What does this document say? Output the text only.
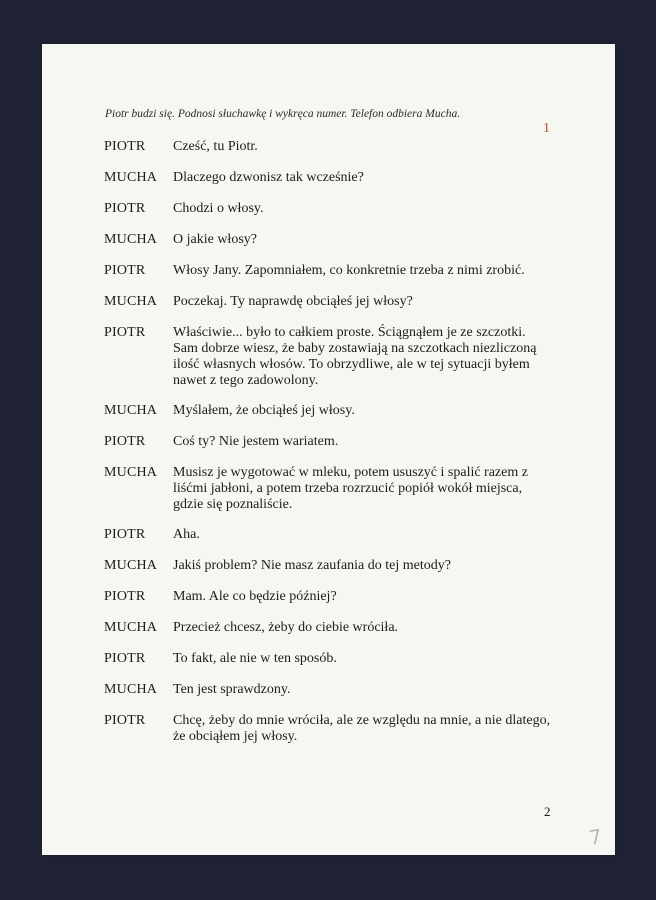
Piotr budzi się. Podnosi słuchawkę i wykręca numer. Telefon odbiera Mucha.
1
PIOTR Cześć, tu Piotr.
MUCHA Dlaczego dzwonisz tak wcześnie?
PIOTR Chodzi o włosy.
MUCHA O jakie włosy?
PIOTR Włosy Jany. Zapomniałem, co konkretnie trzeba z nimi zrobić.
MUCHA Poczekaj. Ty naprawdę obciąłeś jej włosy?
PIOTR Właściwie... było to całkiem proste. Ściągnąłem je ze szczotki. Sam dobrze wiesz, że baby zostawiają na szczotkach niezliczoną ilość własnych włosów. To obrzydliwe, ale w tej sytuacji byłem nawet z tego zadowolony.
MUCHA Myślałem, że obciąłeś jej włosy.
PIOTR Coś ty? Nie jestem wariatem.
MUCHA Musisz je wygotować w mleku, potem ususzyć i spalić razem z liśćmi jabłoni, a potem trzeba rozrzucić popiół wokół miejsca, gdzie się poznaliście.
PIOTR Aha.
MUCHA Jakiś problem? Nie masz zaufania do tej metody?
PIOTR Mam. Ale co będzie później?
MUCHA Przecież chcesz, żeby do ciebie wróciła.
PIOTR To fakt, ale nie w ten sposób.
MUCHA Ten jest sprawdzony.
PIOTR Chcę, żeby do mnie wróciła, ale ze względu na mnie, a nie dlatego, że obciąłem jej włosy.
2
7
